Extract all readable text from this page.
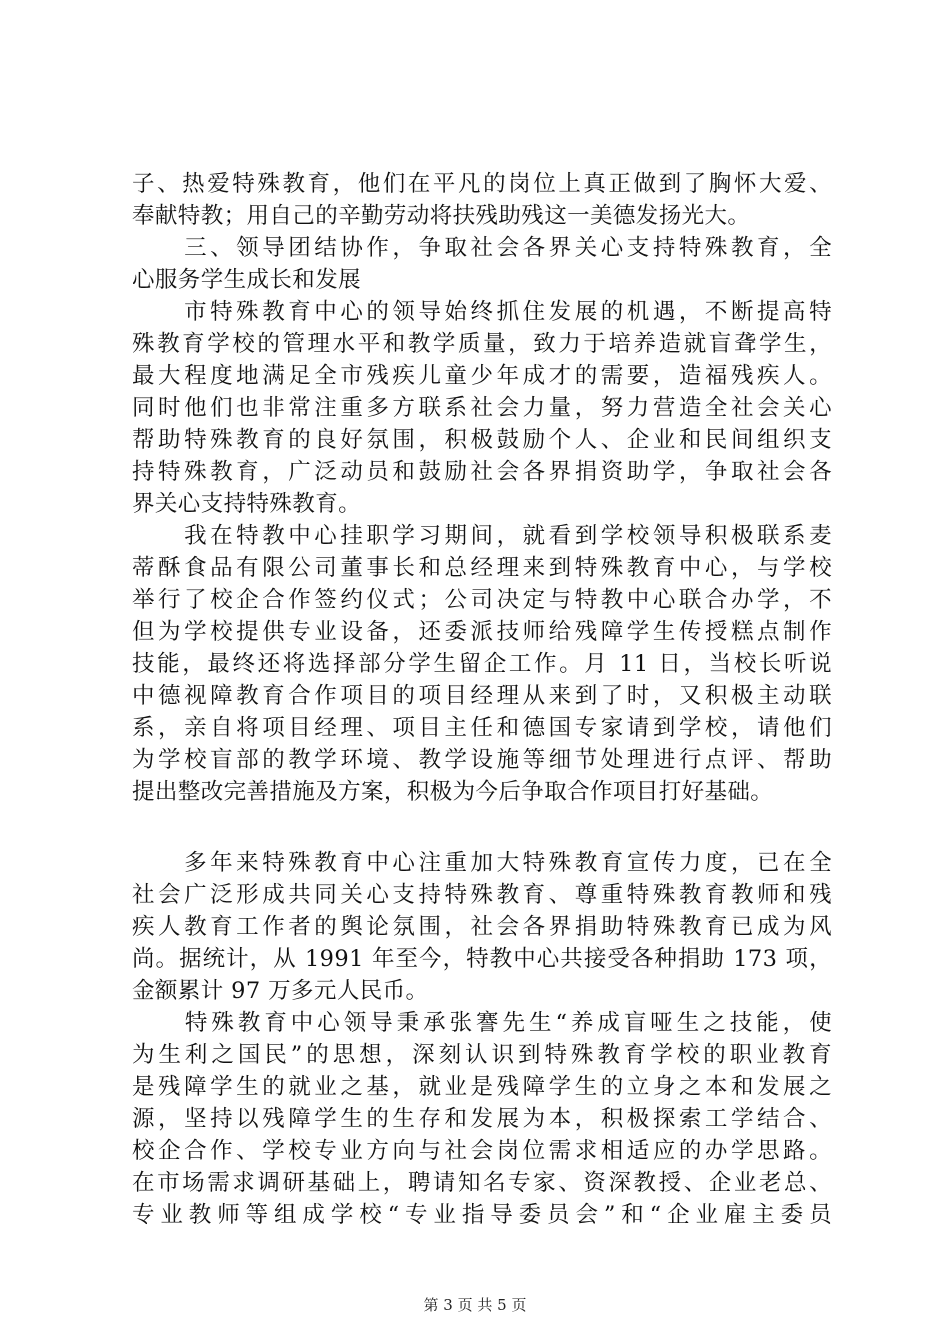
子、热爱特殊教育，他们在平凡的岗位上真正做到了胸怀大爱、
奉献特教；用自己的辛勤劳动将扶残助残这一美德发扬光大。
　　三、领导团结协作，争取社会各界关心支持特殊教育，全
心服务学生成长和发展
　　市特殊教育中心的领导始终抓住发展的机遇，不断提高特
殊教育学校的管理水平和教学质量，致力于培养造就盲聋学生，
最大程度地满足全市残疾儿童少年成才的需要，造福残疾人。
同时他们也非常注重多方联系社会力量，努力营造全社会关心
帮助特殊教育的良好氛围，积极鼓励个人、企业和民间组织支
持特殊教育，广泛动员和鼓励社会各界捐资助学，争取社会各
界关心支持特殊教育。
　　我在特教中心挂职学习期间，就看到学校领导积极联系麦
蒂酥食品有限公司董事长和总经理来到特殊教育中心，与学校
举行了校企合作签约仪式；公司决定与特教中心联合办学，不
但为学校提供专业设备，还委派技师给残障学生传授糕点制作
技能，最终还将选择部分学生留企工作。月 11 日，当校长听说
中德视障教育合作项目的项目经理从来到了时，又积极主动联
系，亲自将项目经理、项目主任和德国专家请到学校，请他们
为学校盲部的教学环境、教学设施等细节处理进行点评、帮助
提出整改完善措施及方案，积极为今后争取合作项目打好基础。
　　多年来特殊教育中心注重加大特殊教育宣传力度，已在全
社会广泛形成共同关心支持特殊教育、尊重特殊教育教师和残
疾人教育工作者的舆论氛围，社会各界捐助特殊教育已成为风
尚。据统计，从 1991 年至今，特教中心共接受各种捐助 173 项，
金额累计 97 万多元人民币。
　　特殊教育中心领导秉承张謇先生“养成盲哑生之技能，使
为生利之国民”的思想，深刻认识到特殊教育学校的职业教育
是残障学生的就业之基，就业是残障学生的立身之本和发展之
源，坚持以残障学生的生存和发展为本，积极探索工学结合、
校企合作、学校专业方向与社会岗位需求相适应的办学思路。
在市场需求调研基础上，聘请知名专家、资深教授、企业老总、
专业教师等组成学校“专业指导委员会”和“企业雇主委员
第 3 页 共 5 页
